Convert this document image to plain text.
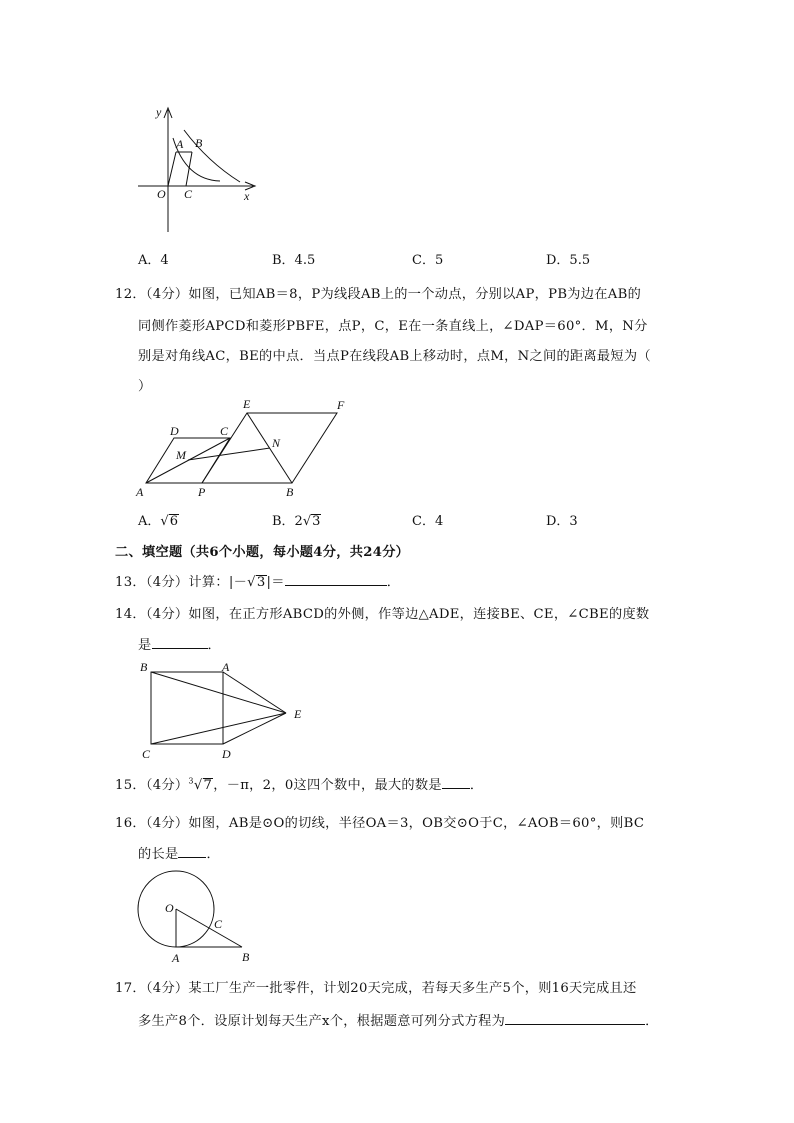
y
x
O
A B
C
A．4	B．4.5	C．5	D．5.5
12．（4分）如图，已知AB＝8，P为线段AB上的一个动点，分别以AP，PB为边在AB的
同侧作菱形APCD和菱形PBFE，点P，C，E在一条直线上，∠DAP＝60°．M，N分
别是对角线AC，BE的中点．当点P在线段AB上移动时，点M，N之间的距离最短为（
）
D	C
E	F
M
N
A	P	B
A．√6	B．2√3	C．4	D．3
二、填空题（共6个小题，每小题4分，共24分）
13．（4分）计算：|－√3|＝	．
14．（4分）如图，在正方形ABCD的外侧，作等边△ADE，连接BE、CE，∠CBE的度数
是	．
B	A
E
C	D
15．（4分）$^3$√7，－π，2，0这四个数中，最大的数是 ．
16．（4分）如图，AB是⊙O的切线，半径OA＝3，OB交⊙O于C，∠AOB＝60°，则BC
的长是 ．
O
C
A	B
17．（4分）某工厂生产一批零件，计划20天完成，若每天多生产5个，则16天完成且还
多生产8个．设原计划每天生产x个，根据题意可列分式方程为	．
